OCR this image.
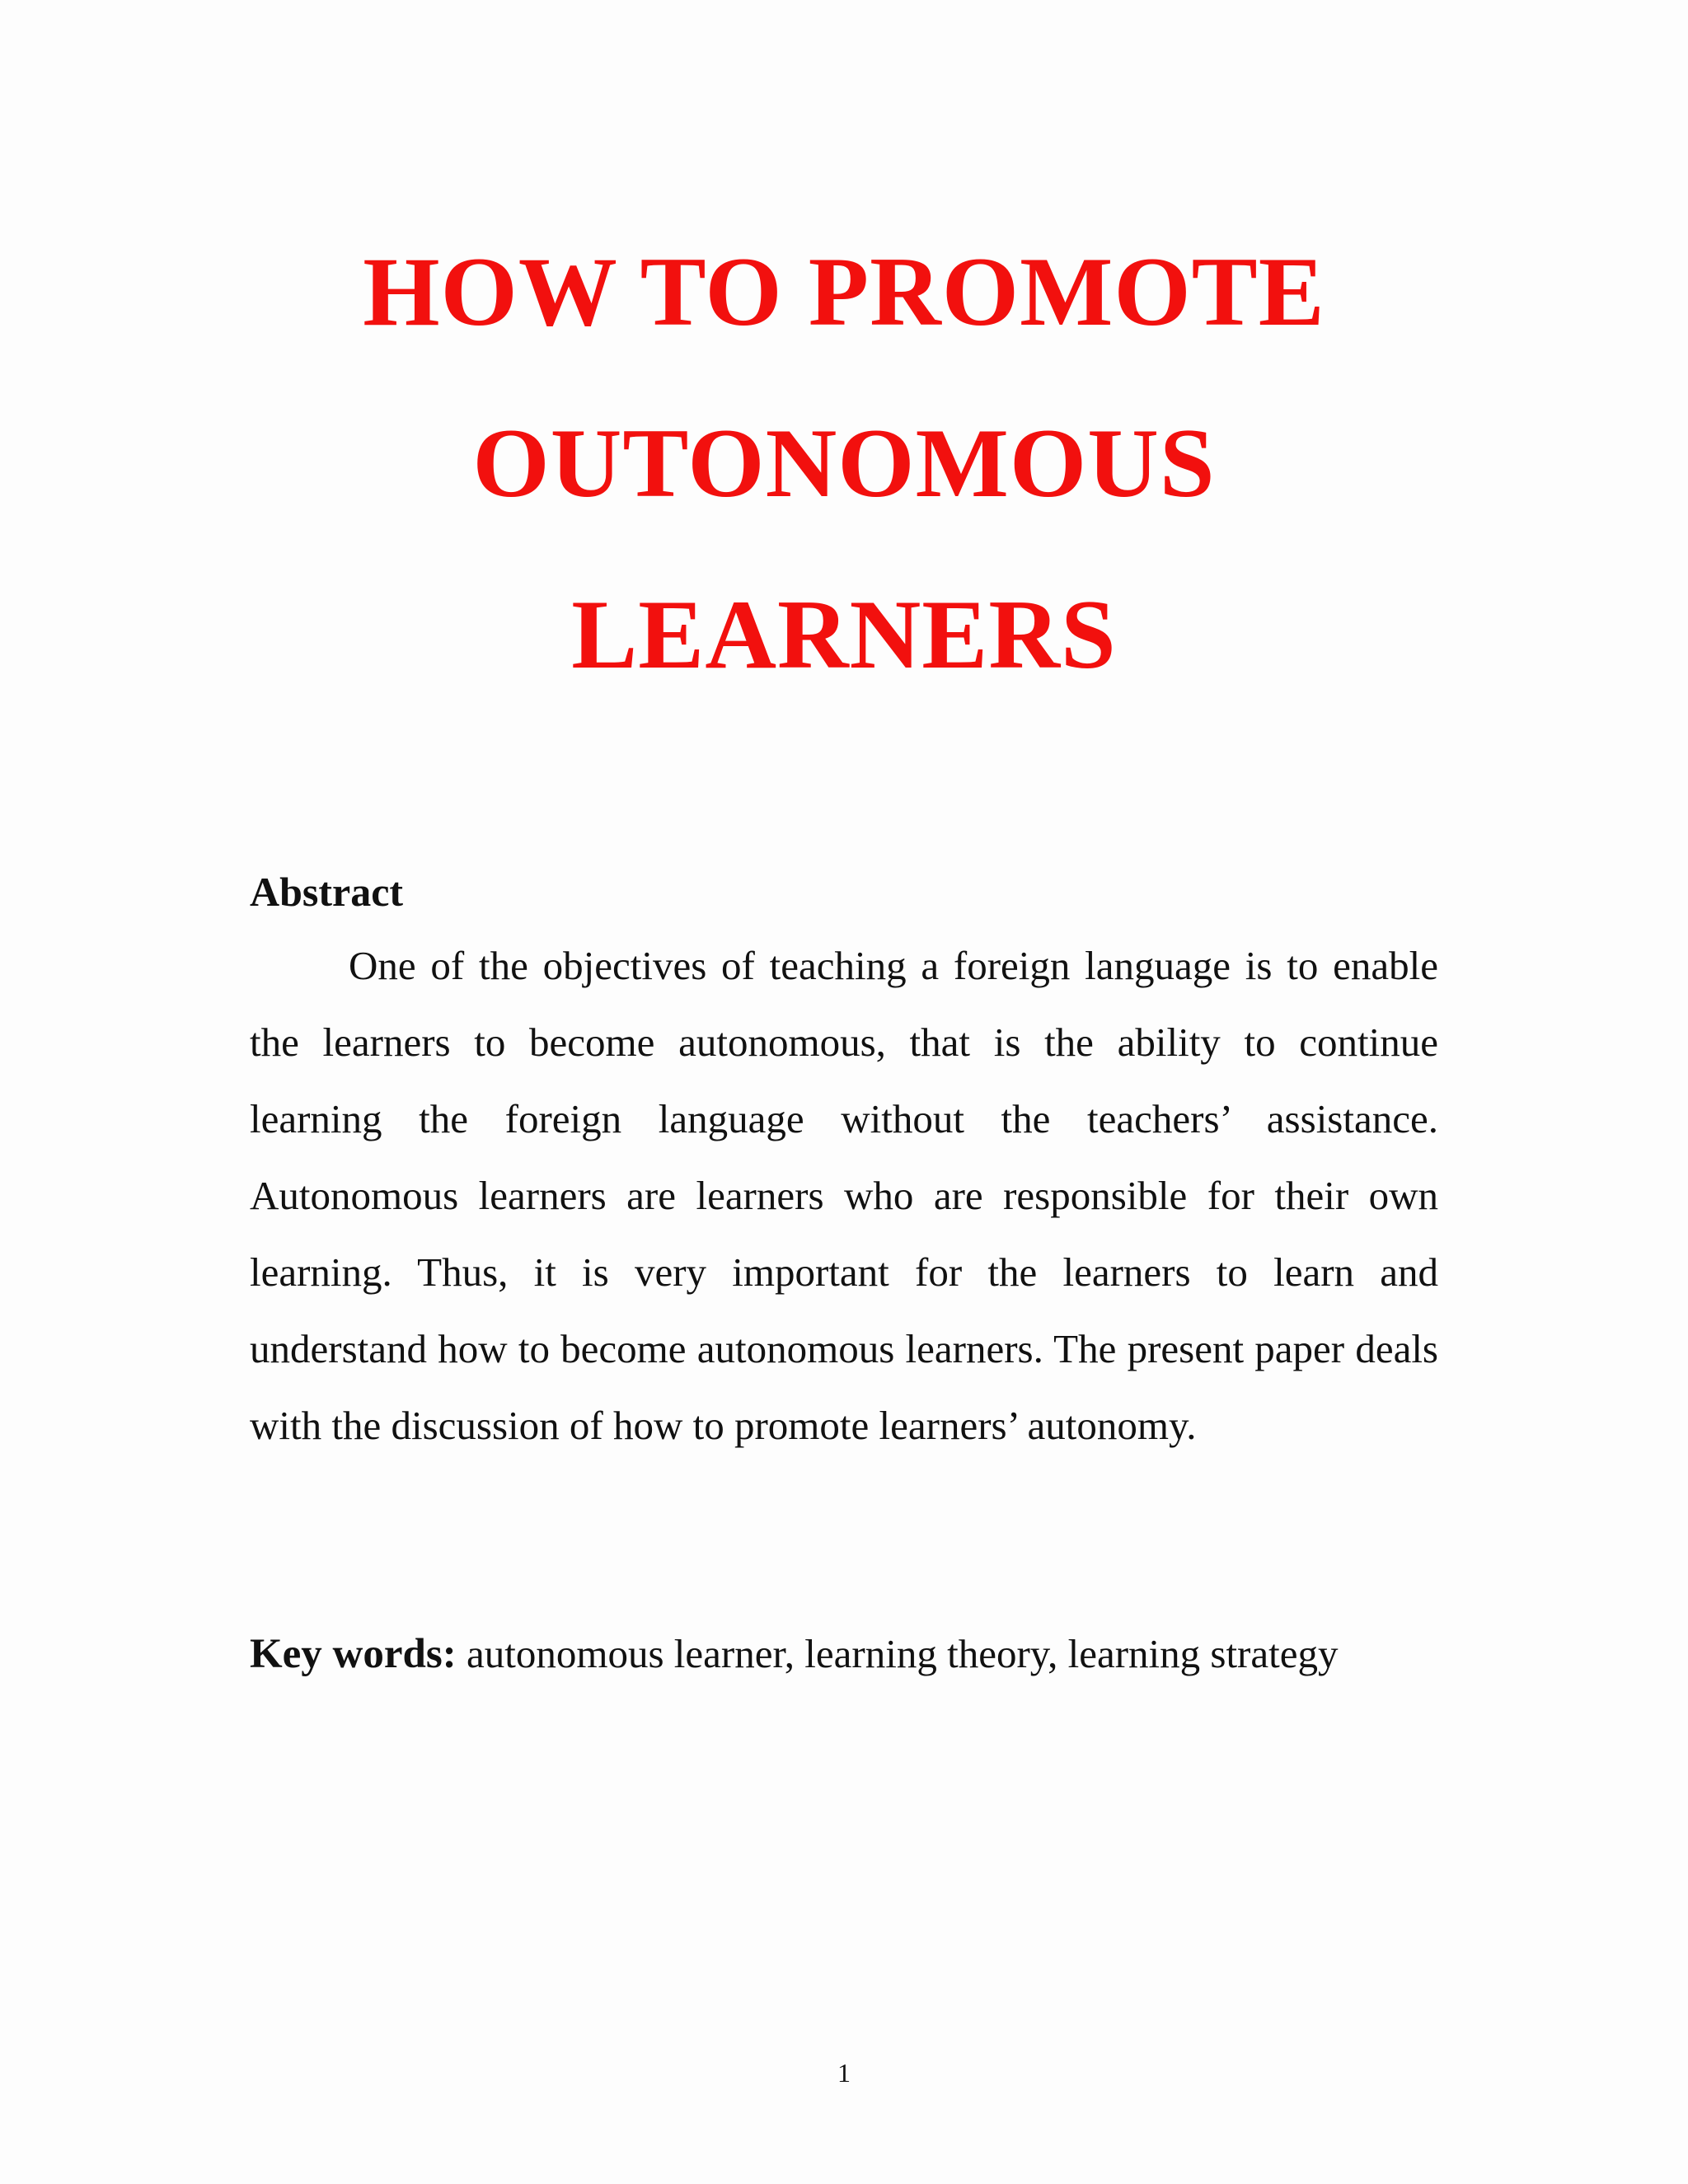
HOW TO PROMOTE
OUTONOMOUS
LEARNERS
Abstract

One of the objectives of teaching a foreign language is to enable the learners to become autonomous, that is the ability to continue learning the foreign language without the teachers’ assistance. Autonomous learners are learners who are responsible for their own learning. Thus, it is very important for the learners to learn and understand how to become autonomous learners. The present paper deals with the discussion of how to promote learners’ autonomy.

Key words: autonomous learner, learning theory, learning strategy

1
